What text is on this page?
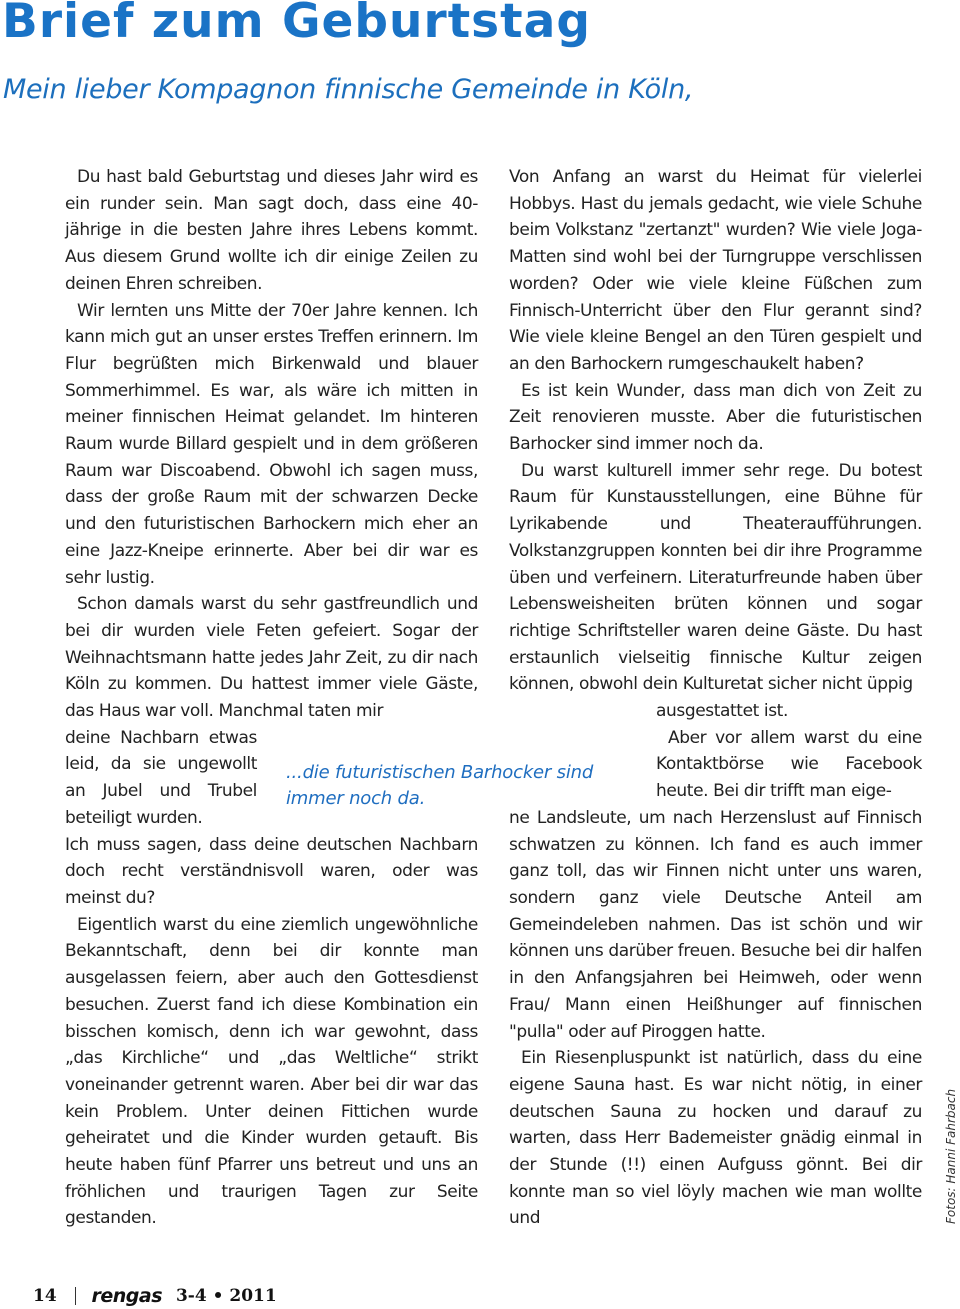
Brief zum Geburtstag
Mein lieber Kompagnon finnische Gemeinde in Köln,

Du hast bald Geburtstag und dieses Jahr wird es ein runder sein. Man sagt doch, dass eine 40-jährige in die besten Jahre ihres Lebens kommt. Aus diesem Grund wollte ich dir einige Zeilen zu deinen Ehren schreiben.

Wir lernten uns Mitte der 70er Jahre kennen. Ich kann mich gut an unser erstes Treffen erinnern. Im Flur begrüßten mich Birkenwald und blauer Sommerhimmel. Es war, als wäre ich mitten in meiner finnischen Heimat gelandet. Im hinteren Raum wurde Billard gespielt und in dem größeren Raum war Discoabend. Obwohl ich sagen muss, dass der große Raum mit der schwarzen Decke und den futuristischen Barhockern mich eher an eine Jazz-Kneipe erinnerte. Aber bei dir war es sehr lustig.

Schon damals warst du sehr gastfreundlich und bei dir wurden viele Feten gefeiert. Sogar der Weihnachtsmann hatte jedes Jahr Zeit, zu dir nach Köln zu kommen. Du hattest immer viele Gäste, das Haus war voll. Manchmal taten mir

deine Nachbarn etwas leid, da sie ungewollt an Jubel und Trubel beteiligt wurden.

Ich muss sagen, dass deine deutschen Nachbarn doch recht verständnisvoll waren, oder was meinst du?

Eigentlich warst du eine ziemlich ungewöhnliche Bekanntschaft, denn bei dir konnte man ausgelassen feiern, aber auch den Gottesdienst besuchen. Zuerst fand ich diese Kombination ein bisschen komisch, denn ich war gewohnt, dass „das Kirchliche“ und „das Weltliche“ strikt voneinander getrennt waren. Aber bei dir war das kein Problem. Unter deinen Fittichen wurde geheiratet und die Kinder wurden getauft. Bis heute haben fünf Pfarrer uns betreut und uns an fröhlichen und traurigen Tagen zur Seite gestanden.

Von Anfang an warst du Heimat für vielerlei Hobbys. Hast du jemals gedacht, wie viele Schuhe beim Volkstanz "zertanzt" wurden? Wie viele Joga-Matten sind wohl bei der Turngruppe verschlissen worden? Oder wie viele kleine Füßchen zum Finnisch-Unterricht über den Flur gerannt sind? Wie viele kleine Bengel an den Türen gespielt und an den Barhockern rumgeschaukelt haben?

Es ist kein Wunder, dass man dich von Zeit zu Zeit renovieren musste. Aber die futuristischen Barhocker sind immer noch da.

Du warst kulturell immer sehr rege. Du botest Raum für Kunstausstellungen, eine Bühne für Lyrikabende und Theateraufführungen. Volkstanzgruppen konnten bei dir ihre Programme üben und verfeinern. Literaturfreunde haben über Lebensweisheiten brüten können und sogar richtige Schriftsteller waren deine Gäste. Du hast erstaunlich vielseitig finnische Kultur zeigen können, obwohl dein Kulturetat sicher nicht üppig

ausgestattet ist.
Aber vor allem warst du eine Kontaktbörse wie Facebook heute. Bei dir trifft man eige-

ne Landsleute, um nach Herzenslust auf Finnisch schwatzen zu können. Ich fand es auch immer ganz toll, das wir Finnen nicht unter uns waren, sondern ganz viele Deutsche Anteil am Gemeindeleben nahmen. Das ist schön und wir können uns darüber freuen. Besuche bei dir halfen in den Anfangsjahren bei Heimweh, oder wenn Frau/ Mann einen Heißhunger auf finnischen "pulla" oder auf Piroggen hatte.

Ein Riesenpluspunkt ist natürlich, dass du eine eigene Sauna hast. Es war nicht nötig, in einer deutschen Sauna zu hocken und darauf zu warten, dass Herr Bademeister gnädig einmal in der Stunde (!!) einen Aufguss gönnt. Bei dir konnte man so viel löyly machen wie man wollte und

...die futuristischen Barhocker sind immer noch da.
Fotos: Hanni Fahrbach
14 rengas 3-4 • 2011
